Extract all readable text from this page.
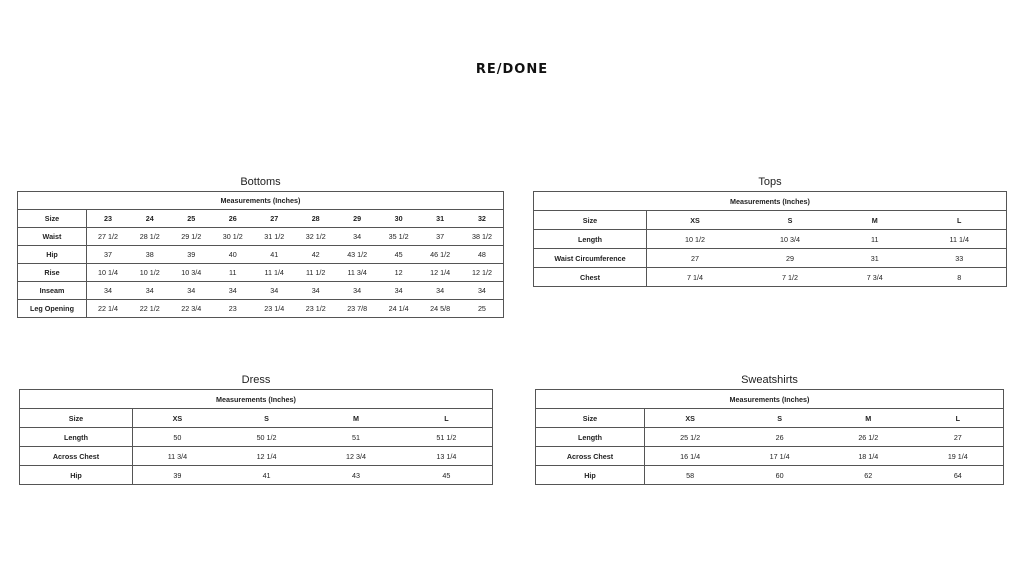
RE/DONE
Bottoms
Measurements (Inches)										
Size	23	24	25	26	27	28	29	30	31	32
Waist	27 1/2	28 1/2	29 1/2	30 1/2	31 1/2	32 1/2	34	35 1/2	37	38 1/2
Hip	37	38	39	40	41	42	43 1/2	45	46 1/2	48
Rise	10 1/4	10 1/2	10 3/4	11	11 1/4	11 1/2	11 3/4	12	12 1/4	12 1/2
Inseam	34	34	34	34	34	34	34	34	34	34
Leg Opening	22 1/4	22 1/2	22 3/4	23	23 1/4	23 1/2	23 7/8	24 1/4	24 5/8	25
Tops
Measurements (Inches)				
Size	XS	S	M	L
Length	10 1/2	10 3/4	11	11 1/4
Waist Circumference	27	29	31	33
Chest	7 1/4	7 1/2	7 3/4	8
Dress
Measurements (Inches)				
Size	XS	S	M	L
Length	50	50 1/2	51	51 1/2
Across Chest	11 3/4	12 1/4	12 3/4	13 1/4
Hip	39	41	43	45
Sweatshirts
Measurements (Inches)				
Size	XS	S	M	L
Length	25 1/2	26	26 1/2	27
Across Chest	16 1/4	17 1/4	18 1/4	19 1/4
Hip	58	60	62	64
